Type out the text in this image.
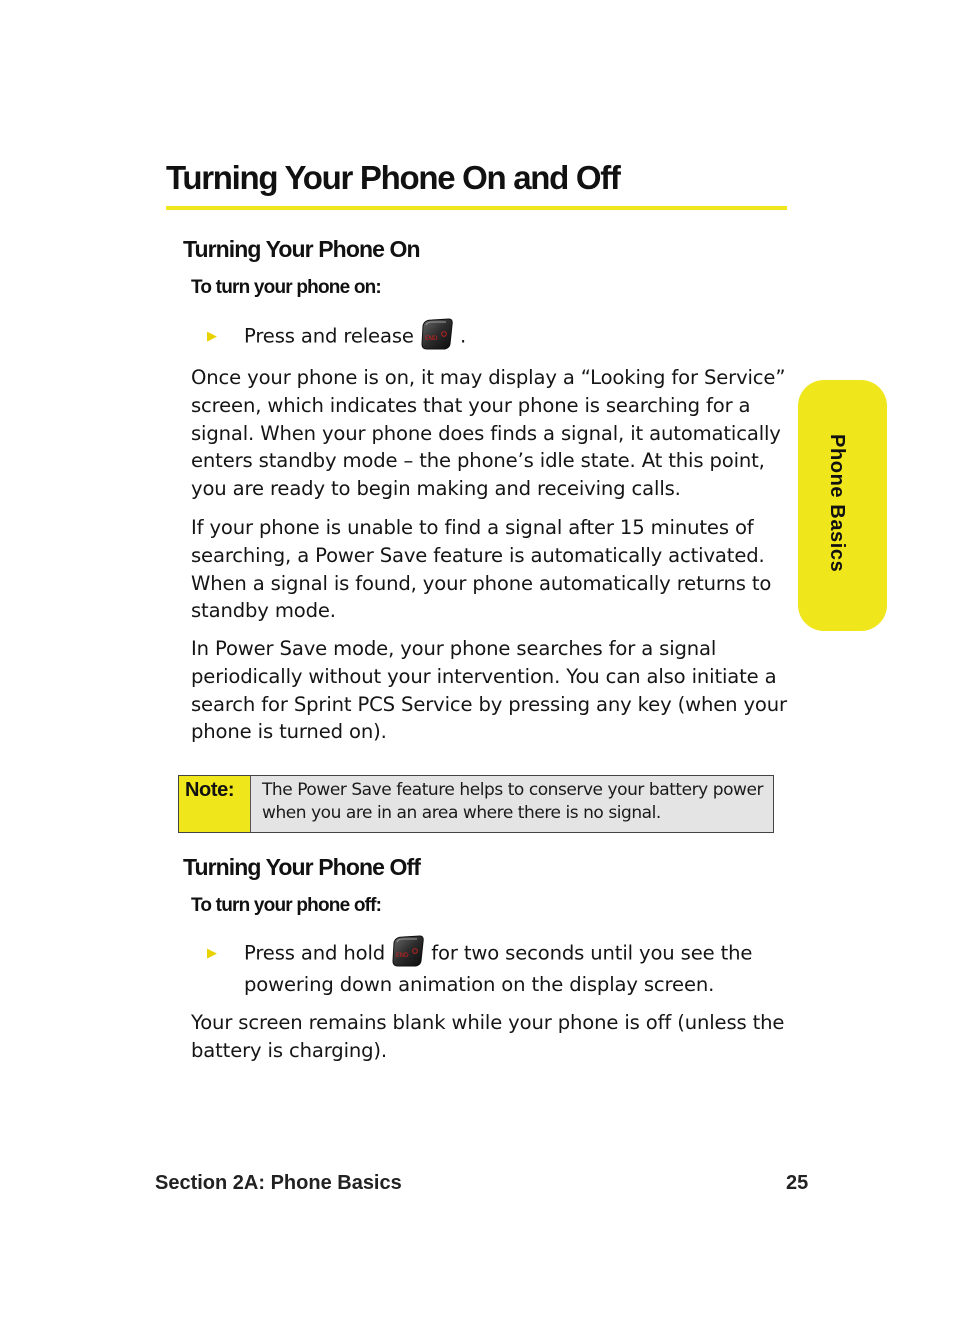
Turning Your Phone On and Off
Turning Your Phone On
To turn your phone on:
▶ Press and release END .
Once your phone is on, it may display a “Looking for Service”
screen, which indicates that your phone is searching for a
signal. When your phone does finds a signal, it automatically
enters standby mode – the phone’s idle state. At this point,
you are ready to begin making and receiving calls.
If your phone is unable to find a signal after 15 minutes of
searching, a Power Save feature is automatically activated.
When a signal is found, your phone automatically returns to
standby mode.
In Power Save mode, your phone searches for a signal
periodically without your intervention. You can also initiate a
search for Sprint PCS Service by pressing any key (when your
phone is turned on).
Note:	The Power Save feature helps to conserve your battery power
when you are in an area where there is no signal.
Turning Your Phone Off
To turn your phone off:
▶ Press and hold END for two seconds until you see the
powering down animation on the display screen.
Your screen remains blank while your phone is off (unless the
battery is charging).
Phone Basics
Section 2A: Phone Basics	25
